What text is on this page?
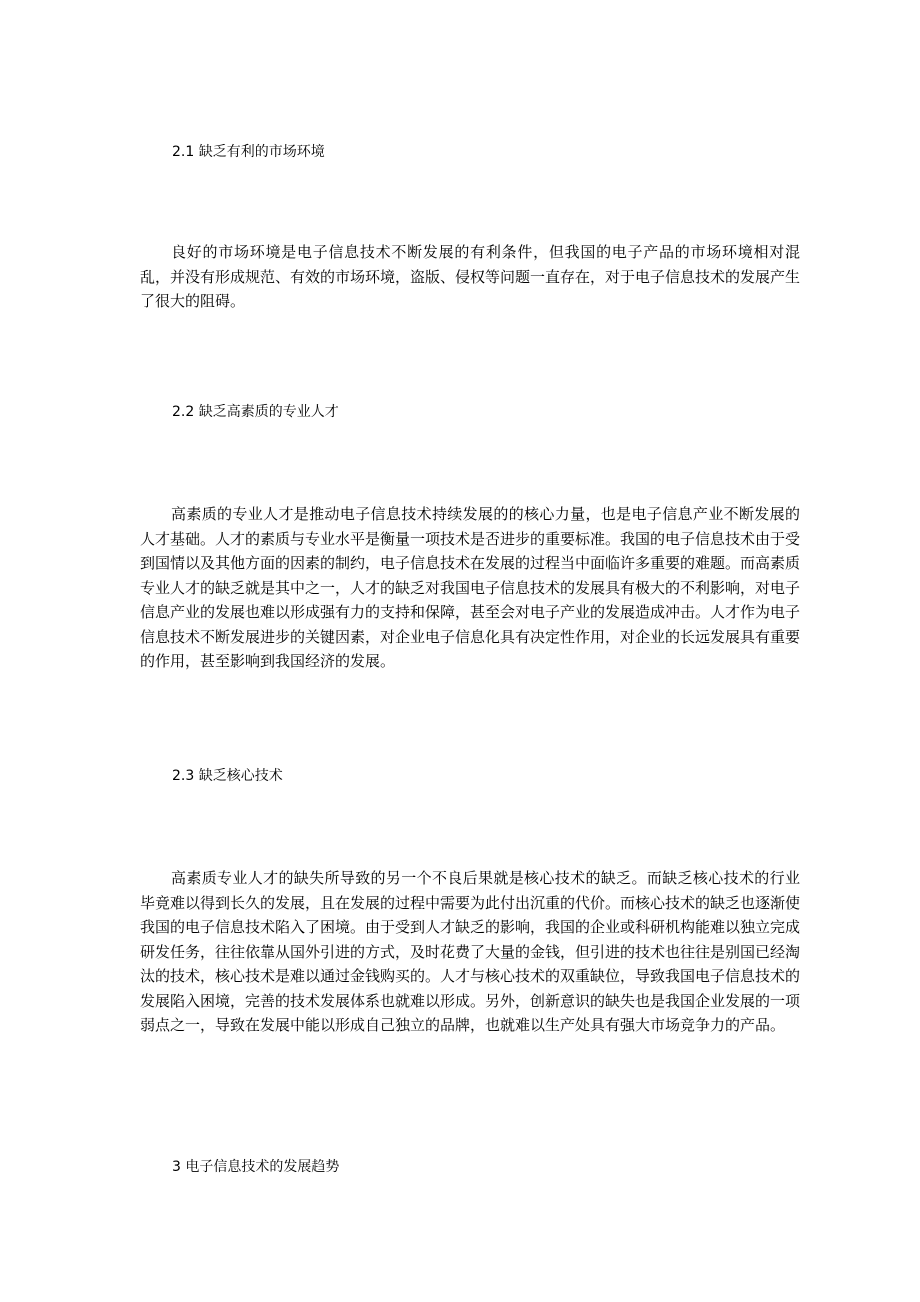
2.1 缺乏有利的市场环境

良好的市场环境是电子信息技术不断发展的有利条件，但我国的电子产品的市场环境相对混乱，并没有形成规范、有效的市场环境，盗版、侵权等问题一直存在，对于电子信息技术的发展产生了很大的阻碍。

2.2 缺乏高素质的专业人才

高素质的专业人才是推动电子信息技术持续发展的的核心力量，也是电子信息产业不断发展的人才基础。人才的素质与专业水平是衡量一项技术是否进步的重要标准。我国的电子信息技术由于受到国情以及其他方面的因素的制约，电子信息技术在发展的过程当中面临许多重要的难题。而高素质专业人才的缺乏就是其中之一，人才的缺乏对我国电子信息技术的发展具有极大的不利影响，对电子信息产业的发展也难以形成强有力的支持和保障，甚至会对电子产业的发展造成冲击。人才作为电子信息技术不断发展进步的关键因素，对企业电子信息化具有决定性作用，对企业的长远发展具有重要的作用，甚至影响到我国经济的发展。

2.3 缺乏核心技术

高素质专业人才的缺失所导致的另一个不良后果就是核心技术的缺乏。而缺乏核心技术的行业毕竟难以得到长久的发展，且在发展的过程中需要为此付出沉重的代价。而核心技术的缺乏也逐渐使我国的电子信息技术陷入了困境。由于受到人才缺乏的影响，我国的企业或科研机构能难以独立完成研发任务，往往依靠从国外引进的方式，及时花费了大量的金钱，但引进的技术也往往是别国已经淘汰的技术，核心技术是难以通过金钱购买的。人才与核心技术的双重缺位，导致我国电子信息技术的发展陷入困境，完善的技术发展体系也就难以形成。另外，创新意识的缺失也是我国企业发展的一项弱点之一，导致在发展中能以形成自己独立的品牌，也就难以生产处具有强大市场竞争力的产品。

3 电子信息技术的发展趋势
